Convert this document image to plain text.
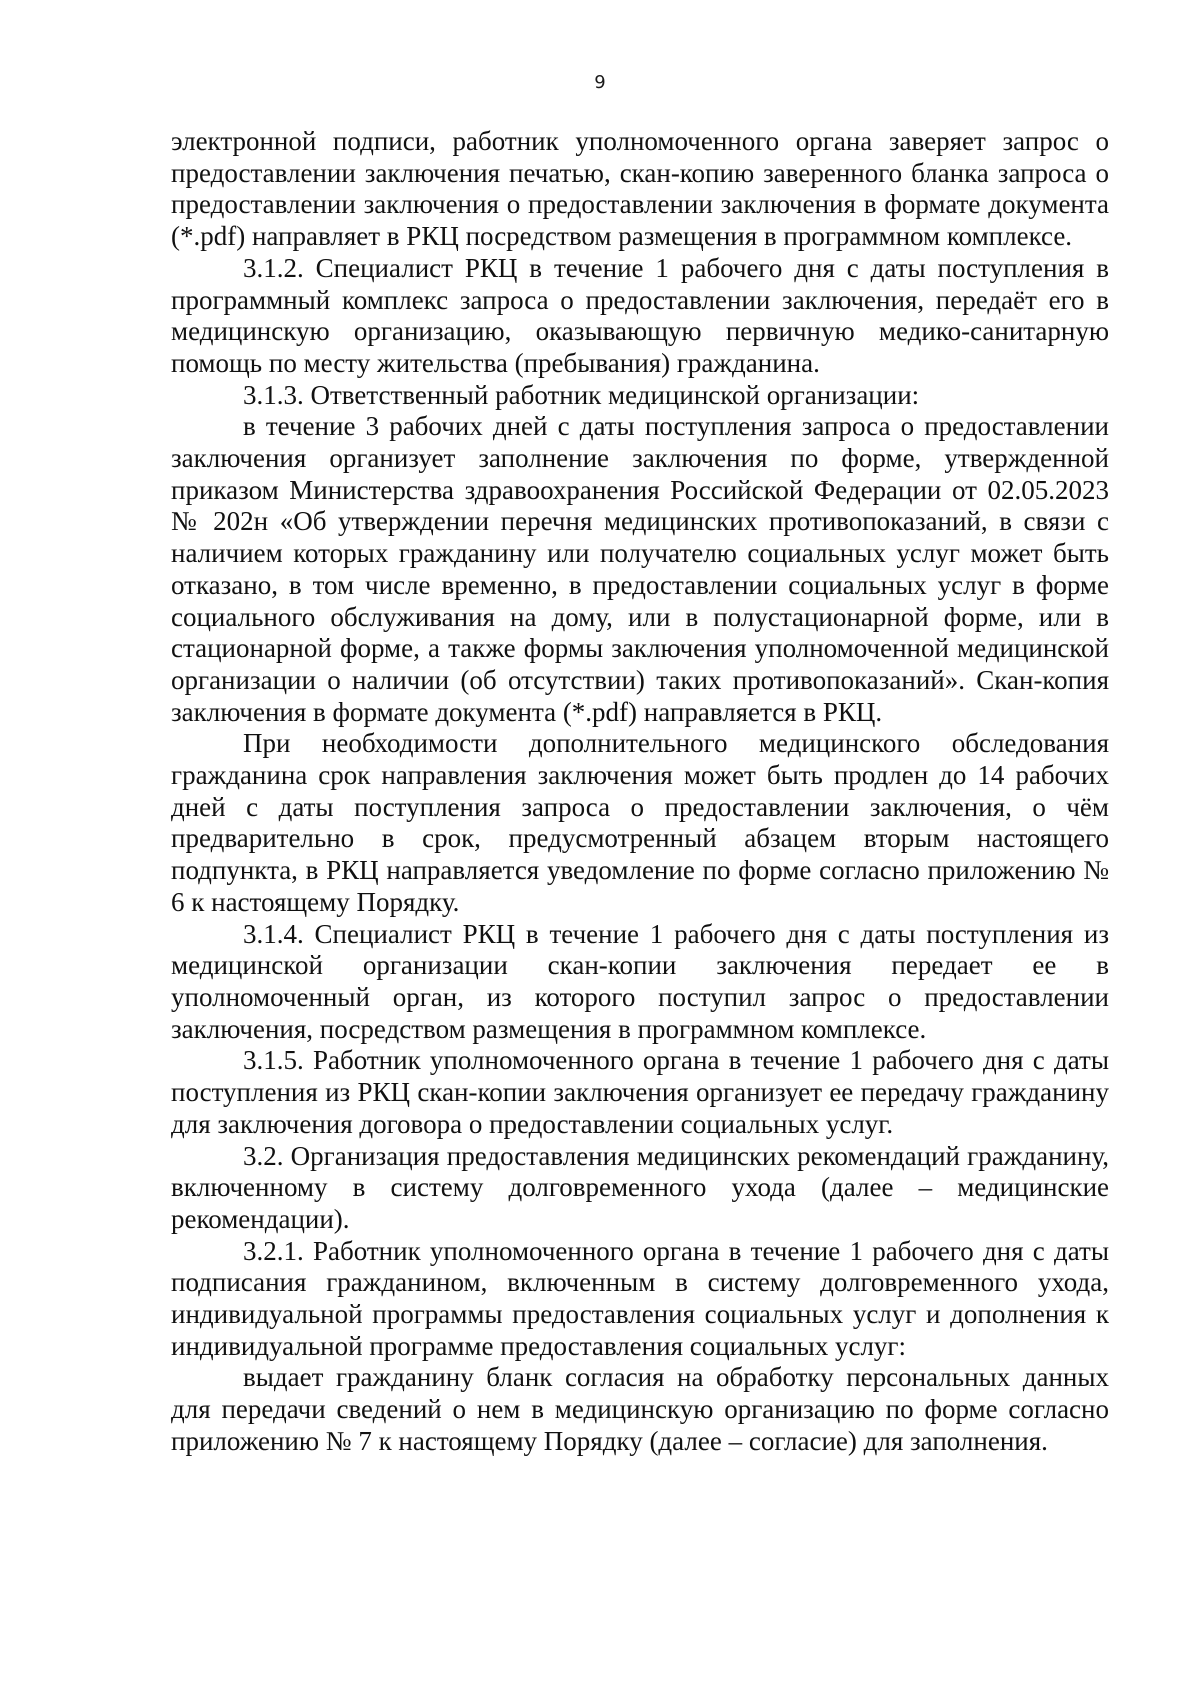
9

электронной подписи, работник уполномоченного органа заверяет запрос о предоставлении заключения печатью, скан-копию заверенного бланка запроса о предоставлении заключения о предоставлении заключения в формате документа (*.pdf) направляет в РКЦ посредством размещения в программном комплексе.

3.1.2. Специалист РКЦ в течение 1 рабочего дня с даты поступления в программный комплекс запроса о предоставлении заключения, передаёт его в медицинскую организацию, оказывающую первичную медико-санитарную помощь по месту жительства (пребывания) гражданина.

3.1.3. Ответственный работник медицинской организации:

в течение 3 рабочих дней с даты поступления запроса о предоставлении заключения организует заполнение заключения по форме, утвержденной приказом Министерства здравоохранения Российской Федерации от 02.05.2023 № 202н «Об утверждении перечня медицинских противопоказаний, в связи с наличием которых гражданину или получателю социальных услуг может быть отказано, в том числе временно, в предоставлении социальных услуг в форме социального обслуживания на дому, или в полустационарной форме, или в стационарной форме, а также формы заключения уполномоченной медицинской организации о наличии (об отсутствии) таких противопоказаний». Скан-копия заключения в формате документа (*.pdf) направляется в РКЦ.

При необходимости дополнительного медицинского обследования гражданина срок направления заключения может быть продлен до 14 рабочих дней с даты поступления запроса о предоставлении заключения, о чём предварительно в срок, предусмотренный абзацем вторым настоящего подпункта, в РКЦ направляется уведомление по форме согласно приложению № 6 к настоящему Порядку.

3.1.4. Специалист РКЦ в течение 1 рабочего дня с даты поступления из медицинской организации скан-копии заключения передает ее в уполномоченный орган, из которого поступил запрос о предоставлении заключения, посредством размещения в программном комплексе.

3.1.5. Работник уполномоченного органа в течение 1 рабочего дня с даты поступления из РКЦ скан-копии заключения организует ее передачу гражданину для заключения договора о предоставлении социальных услуг.

3.2. Организация предоставления медицинских рекомендаций гражданину, включенному в систему долговременного ухода (далее – медицинские рекомендации).

3.2.1. Работник уполномоченного органа в течение 1 рабочего дня с даты подписания гражданином, включенным в систему долговременного ухода, индивидуальной программы предоставления социальных услуг и дополнения к индивидуальной программе предоставления социальных услуг:

выдает гражданину бланк согласия на обработку персональных данных для передачи сведений о нем в медицинскую организацию по форме согласно приложению № 7 к настоящему Порядку (далее – согласие) для заполнения.
